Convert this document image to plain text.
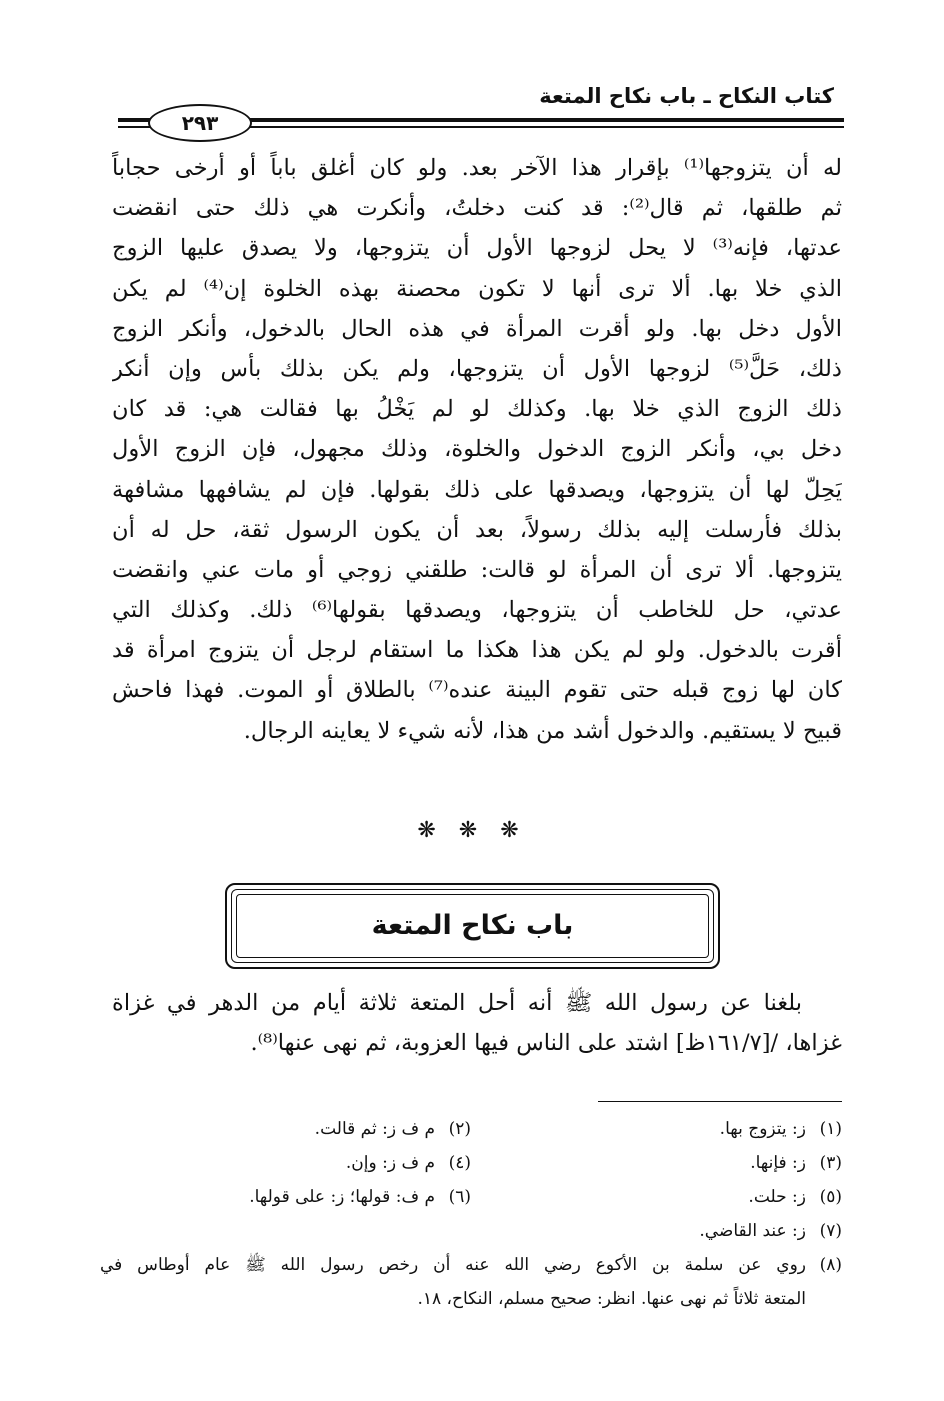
كتاب النكاح ـ باب نكاح المتعة
٢٩٣
له أن يتزوجها⁽¹⁾ بإقرار هذا الآخر بعد. ولو كان أغلق باباً أو أرخى حجاباً
ثم طلقها، ثم قال⁽²⁾: قد كنت دخلتُ، وأنكرت هي ذلك حتى انقضت
عدتها، فإنه⁽³⁾ لا يحل لزوجها الأول أن يتزوجها، ولا يصدق عليها الزوج
الذي خلا بها. ألا ترى أنها لا تكون محصنة بهذه الخلوة إن⁽⁴⁾ لم يكن
الأول دخل بها. ولو أقرت المرأة في هذه الحال بالدخول، وأنكر الزوج
ذلك، حَلَّ⁽⁵⁾ لزوجها الأول أن يتزوجها، ولم يكن بذلك بأس وإن أنكر
ذلك الزوج الذي خلا بها. وكذلك لو لم يَخْلُ بها فقالت هي: قد كان
دخل بي، وأنكر الزوج الدخول والخلوة، وذلك مجهول، فإن الزوج الأول
يَحِلّ لها أن يتزوجها، ويصدقها على ذلك بقولها. فإن لم يشافهها مشافهة
بذلك فأرسلت إليه بذلك رسولاً، بعد أن يكون الرسول ثقة، حل له أن
يتزوجها. ألا ترى أن المرأة لو قالت: طلقني زوجي أو مات عني وانقضت
عدتي، حل للخاطب أن يتزوجها، ويصدقها بقولها⁽⁶⁾ ذلك. وكذلك التي
أقرت بالدخول. ولو لم يكن هذا هكذا ما استقام لرجل أن يتزوج امرأة قد
كان لها زوج قبله حتى تقوم البينة عنده⁽⁷⁾ بالطلاق أو الموت. فهذا فاحش
قبيح لا يستقيم. والدخول أشد من هذا، لأنه شيء لا يعاينه الرجال.
❋ ❋ ❋
باب نكاح المتعة
بلغنا عن رسول الله ﷺ أنه أحل المتعة ثلاثة أيام من الدهر في غزاة
غزاها، /[١٦١/٧ظ] اشتد على الناس فيها العزوبة، ثم نهى عنها⁽⁸⁾.
(١)ز: يتزوج بها.
(٢)م ف ز: ثم قالت.
(٣)ز: فإنها.
(٤)م ف ز: وإن.
(٥)ز: حلت.
(٦)م ف: قولها؛ ز: على قولها.
(٧)ز: عند القاضي.
(٨)روي عن سلمة بن الأكوع رضي الله عنه أن رخص رسول الله ﷺ عام أوطاس في
المتعة ثلاثاً ثم نهى عنها. انظر: صحيح مسلم، النكاح، ١٨.
